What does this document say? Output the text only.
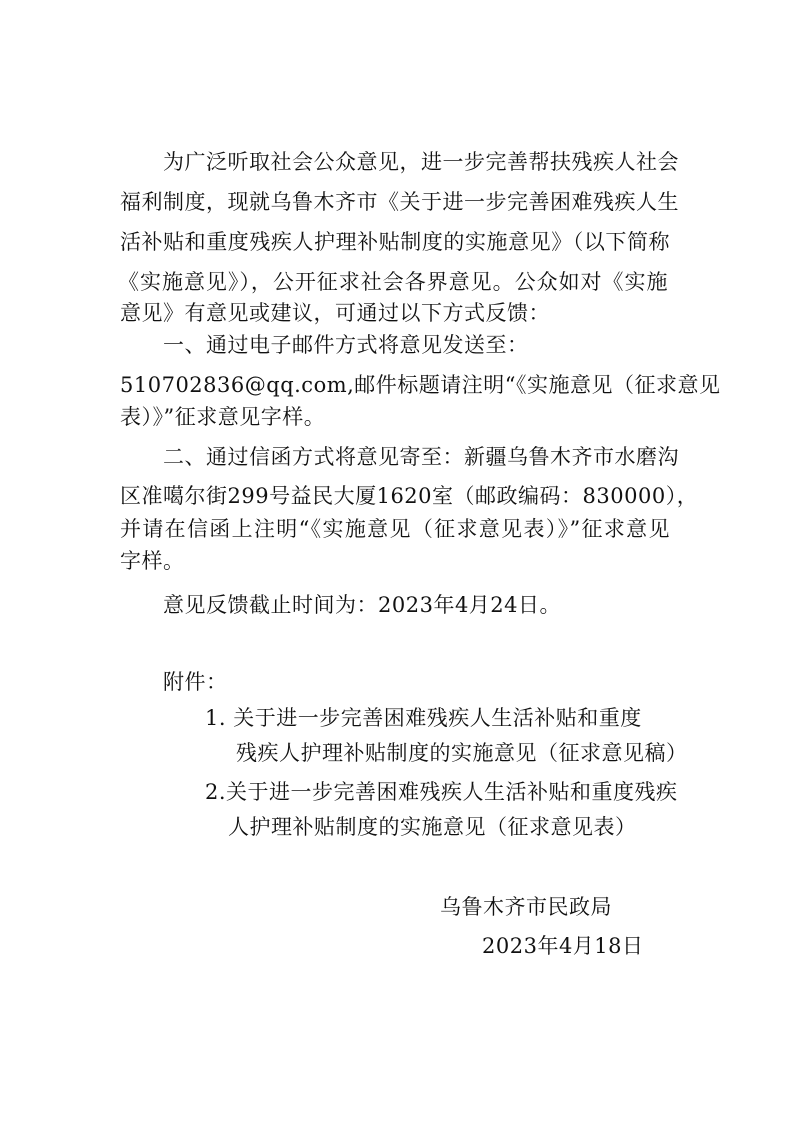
为广泛听取社会公众意见，进一步完善帮扶残疾人社会
福利制度，现就乌鲁木齐市《关于进一步完善困难残疾人生
活补贴和重度残疾人护理补贴制度的实施意见》（以下简称
《实施意见》），公开征求社会各界意见。公众如对《实施
意见》有意见或建议，可通过以下方式反馈：
一、通过电子邮件方式将意见发送至：
510702836@qq.com,邮件标题请注明“《实施意见（征求意见
表）》”征求意见字样。
二、通过信函方式将意见寄至：新疆乌鲁木齐市水磨沟
区准噶尔街299号益民大厦1620室（邮政编码：830000），
并请在信函上注明“《实施意见（征求意见表）》”征求意见
字样。
意见反馈截止时间为：2023年4月24日。
附件：
1. 关于进一步完善困难残疾人生活补贴和重度
残疾人护理补贴制度的实施意见（征求意见稿）
2.关于进一步完善困难残疾人生活补贴和重度残疾
人护理补贴制度的实施意见（征求意见表）
乌鲁木齐市民政局
2023年4月18日
